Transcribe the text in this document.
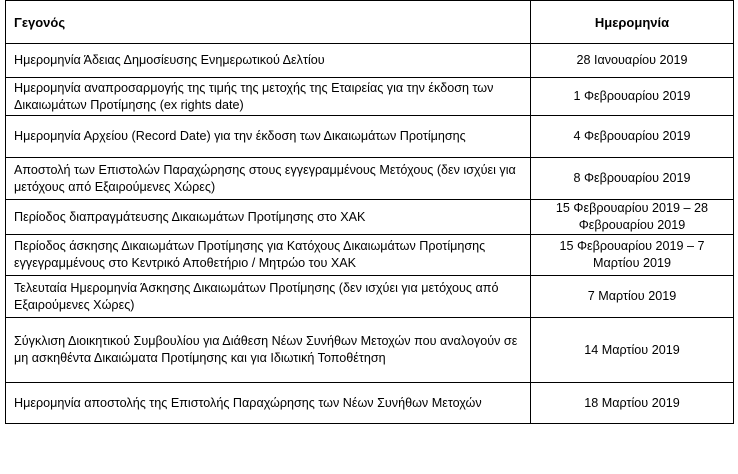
Γεγονός	Ημερομηνία
Ημερομηνία Άδειας Δημοσίευσης Ενημερωτικού Δελτίου	28 Ιανουαρίου 2019
Ημερομηνία αναπροσαρμογής της τιμής της μετοχής της Εταιρείας για την έκδοση των Δικαιωμάτων Προτίμησης (ex rights date)	1 Φεβρουαρίου 2019
Ημερομηνία Αρχείου (Record Date) για την έκδοση των Δικαιωμάτων Προτίμησης	4 Φεβρουαρίου 2019
Αποστολή των Επιστολών Παραχώρησης στους εγγεγραμμένους Μετόχους (δεν ισχύει για μετόχους από Εξαιρούμενες Χώρες)	8 Φεβρουαρίου 2019
Περίοδος διαπραγμάτευσης Δικαιωμάτων Προτίμησης στο ΧΑΚ	15 Φεβρουαρίου 2019 – 28 Φεβρουαρίου 2019
Περίοδος άσκησης Δικαιωμάτων Προτίμησης για Κατόχους Δικαιωμάτων Προτίμησης εγγεγραμμένους στο Κεντρικό Αποθετήριο / Μητρώο του ΧΑΚ	15 Φεβρουαρίου 2019 – 7 Μαρτίου 2019
Τελευταία Ημερομηνία Άσκησης Δικαιωμάτων Προτίμησης (δεν ισχύει για μετόχους από Εξαιρούμενες Χώρες)	7 Μαρτίου 2019
Σύγκλιση Διοικητικού Συμβουλίου για Διάθεση Νέων Συνήθων Μετοχών που αναλογούν σε μη ασκηθέντα Δικαιώματα Προτίμησης και για Ιδιωτική Τοποθέτηση	14 Μαρτίου 2019
Ημερομηνία αποστολής της Επιστολής Παραχώρησης των Νέων Συνήθων Μετοχών	18 Μαρτίου 2019
